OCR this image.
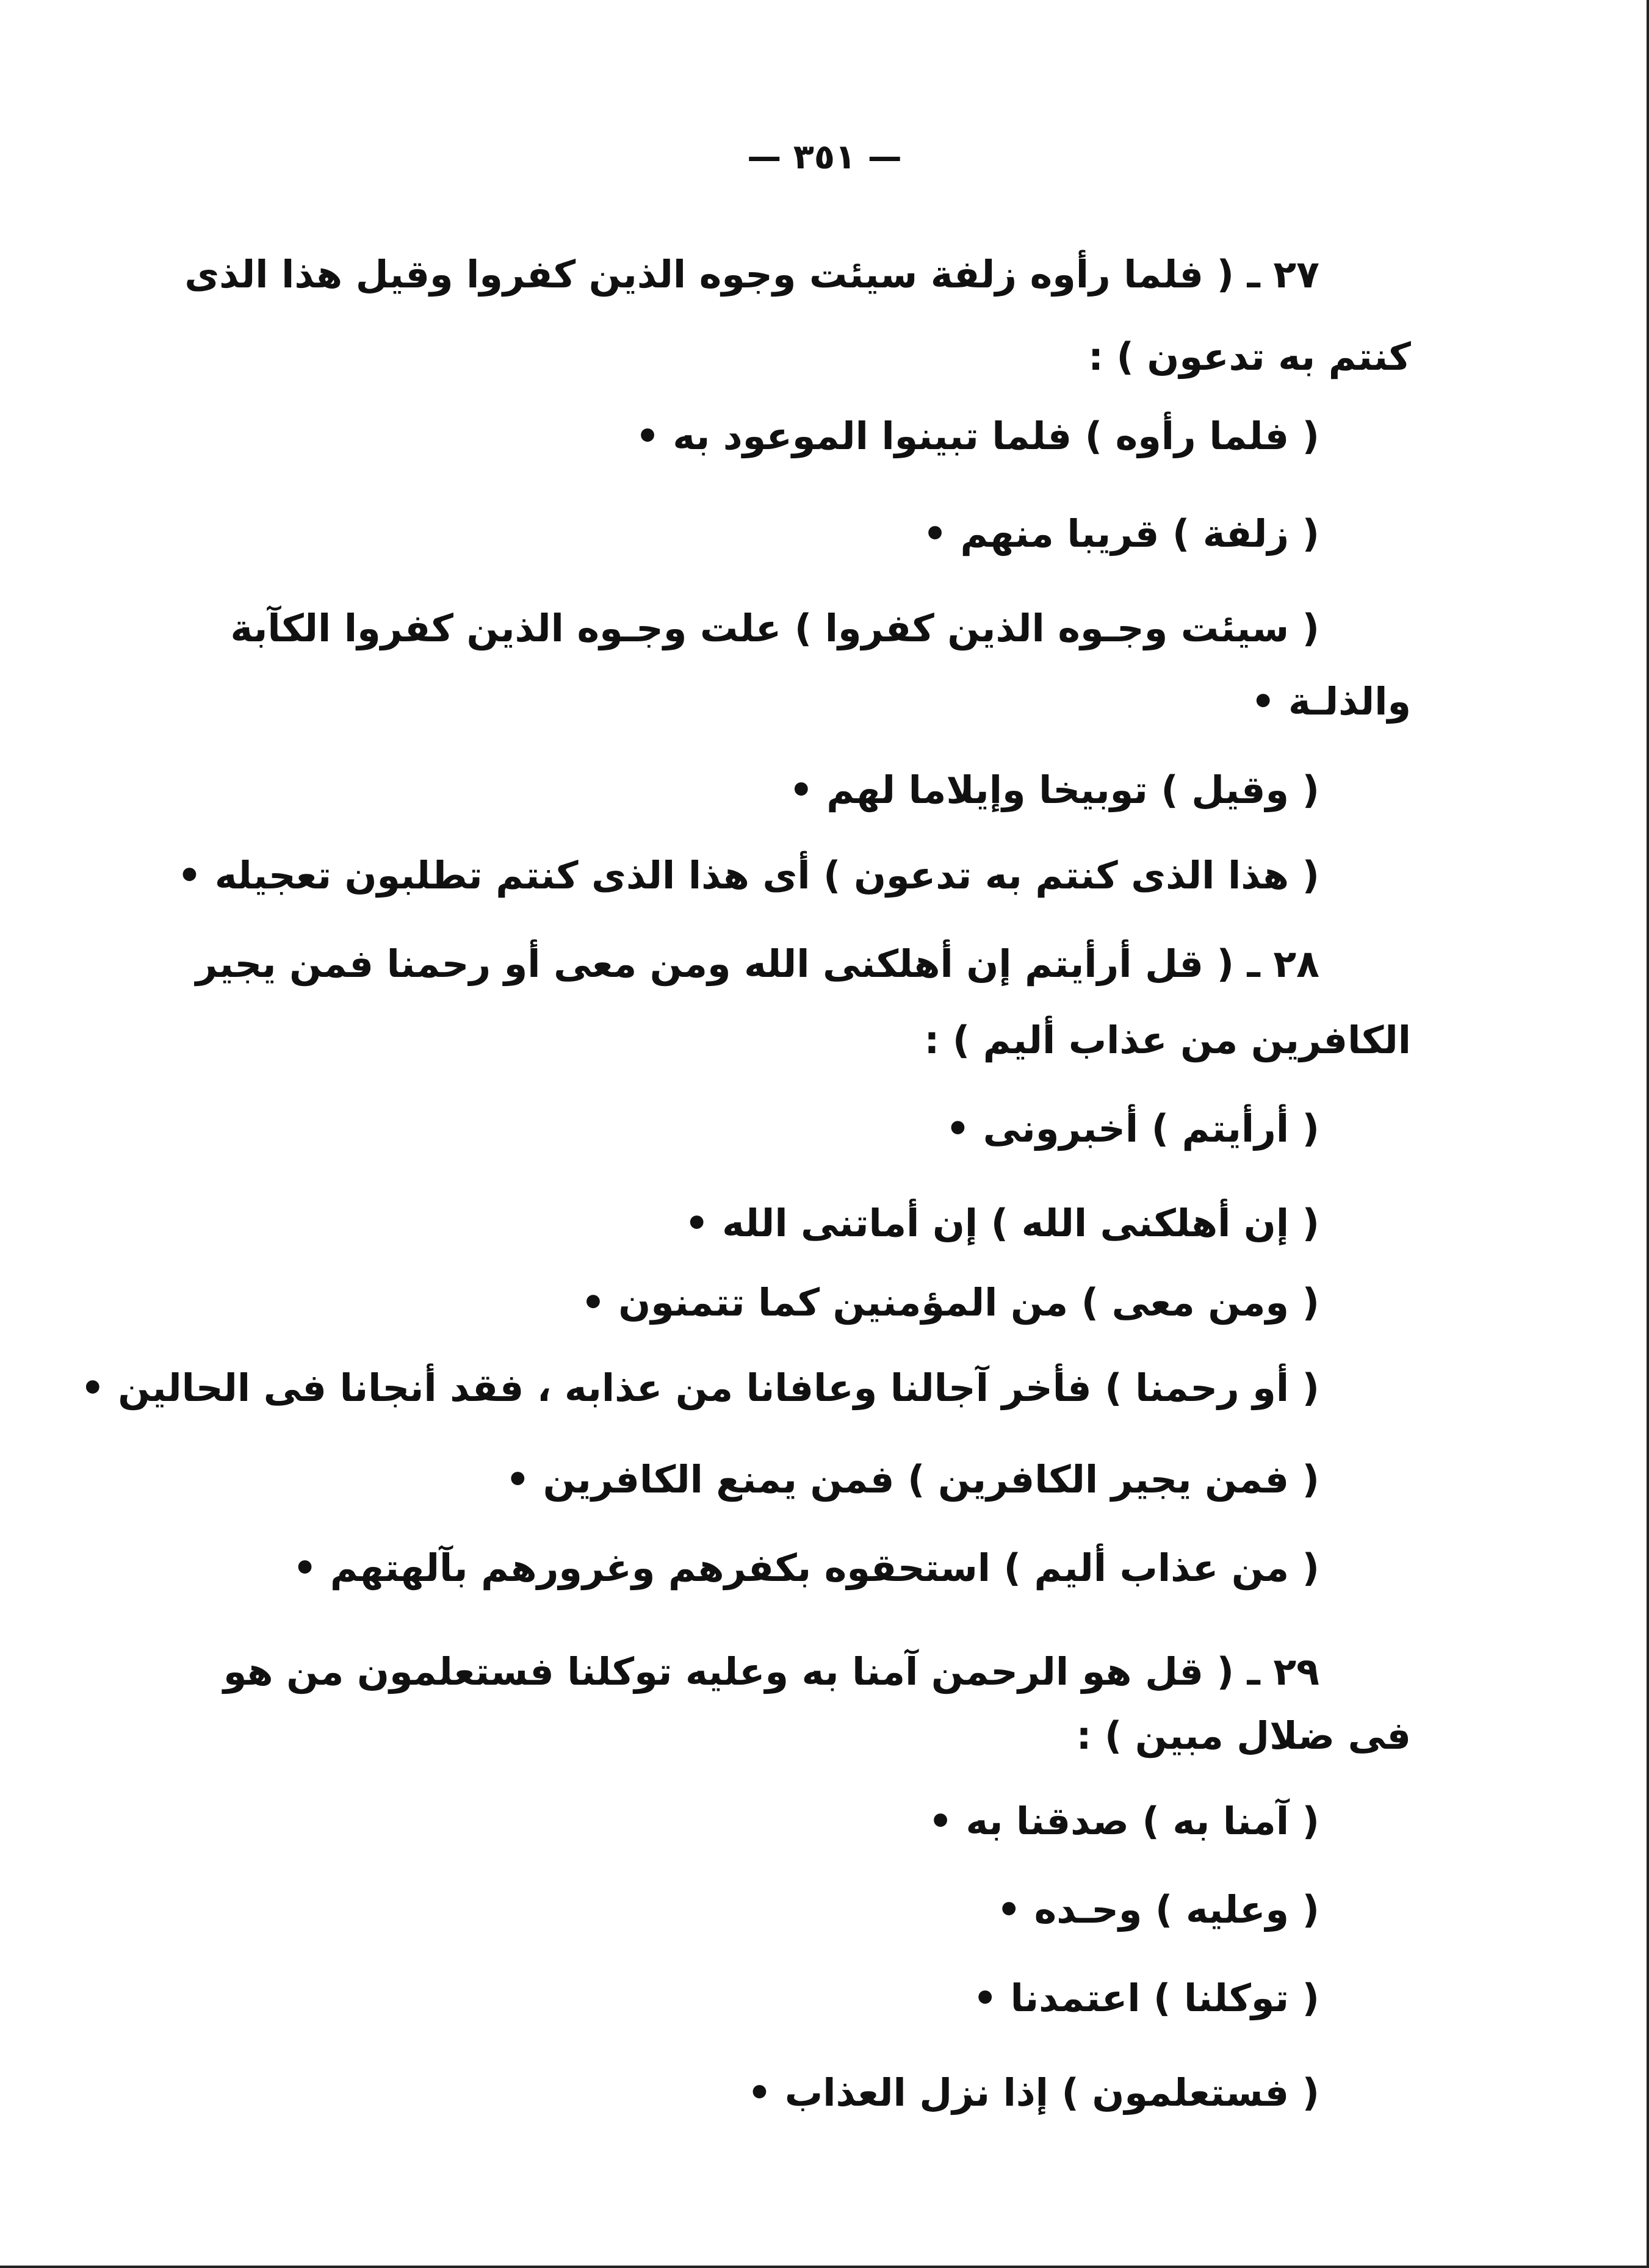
— ٣٥١ —
٢٧ ـ ( فلما رأوه زلفة سيئت وجوه الذين كفروا وقيل هذا الذى
كنتم به تدعون ) :
( فلما رأوه ) فلما تبينوا الموعود به •
( زلفة ) قريبا منهم •
( سيئت وجـوه الذين كفروا ) علت وجـوه الذين كفروا الكآبة
والذلـة •
( وقيل ) توبيخا وإيلاما لهم •
( هذا الذى كنتم به تدعون ) أى هذا الذى كنتم تطلبون تعجيله •
٢٨ ـ ( قل أرأيتم إن أهلكنى الله ومن معى أو رحمنا فمن يجير
الكافرين من عذاب أليم ) :
( أرأيتم ) أخبرونى •
( إن أهلكنى الله ) إن أماتنى الله •
( ومن معى ) من المؤمنين كما تتمنون •
( أو رحمنا ) فأخر آجالنا وعافانا من عذابه ، فقد أنجانا فى الحالين •
( فمن يجير الكافرين ) فمن يمنع الكافرين •
( من عذاب أليم ) استحقوه بكفرهم وغرورهم بآلهتهم •
٢٩ ـ ( قل هو الرحمن آمنا به وعليه توكلنا فستعلمون من هو
فى ضلال مبين ) :
( آمنا به ) صدقنا به •
( وعليه ) وحـده •
( توكلنا ) اعتمدنا •
( فستعلمون ) إذا نزل العذاب •
